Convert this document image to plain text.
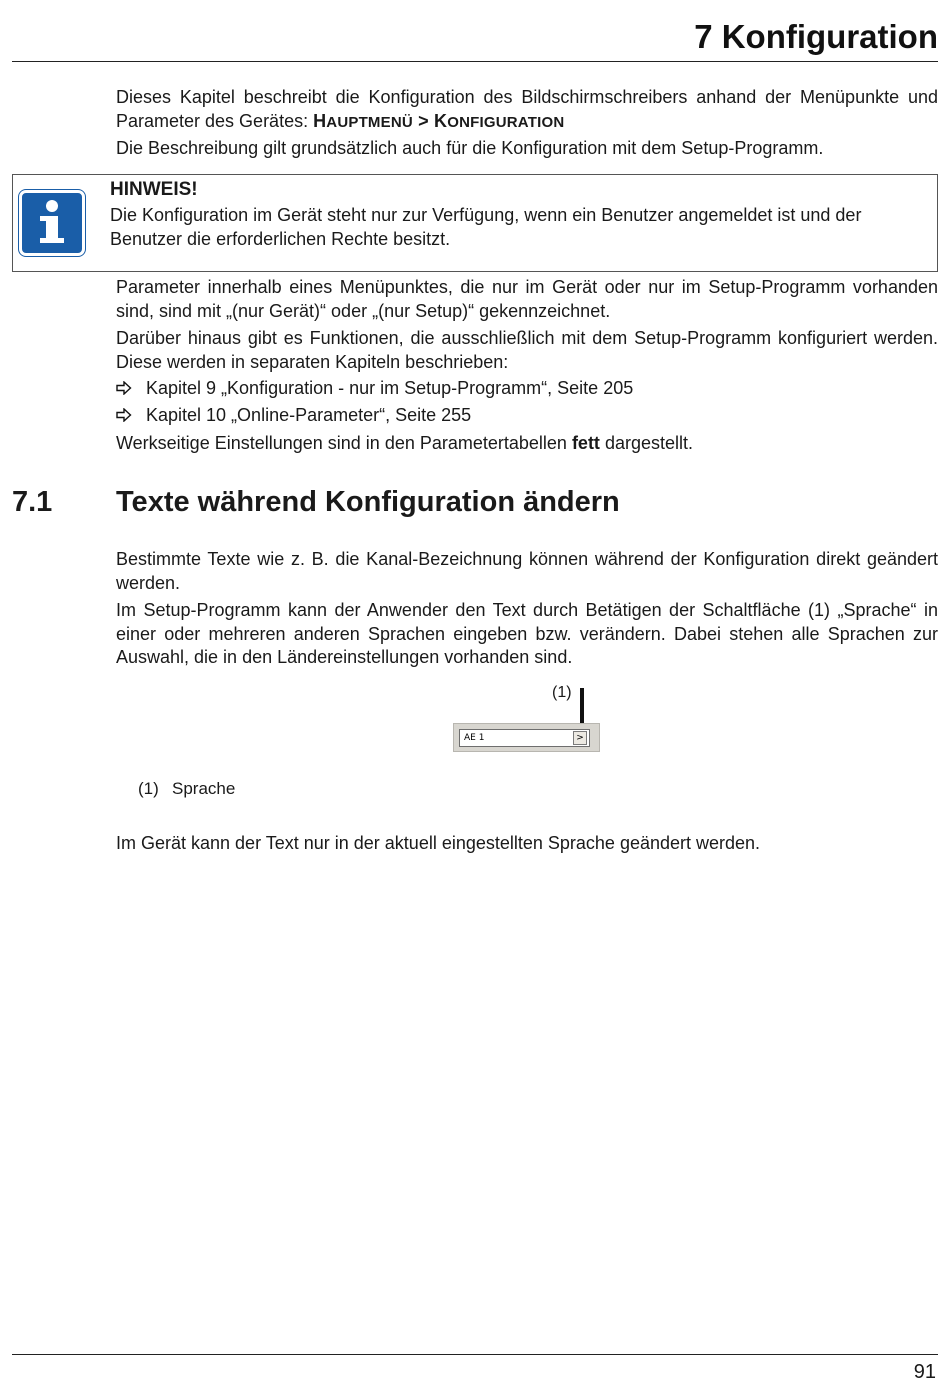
7 Konfiguration

Dieses Kapitel beschreibt die Konfiguration des Bildschirmschreibers anhand der Menüpunkte und Parameter des Gerätes: HAUPTMENÜ > KONFIGURATION

Die Beschreibung gilt grundsätzlich auch für die Konfiguration mit dem Setup-Programm.

HINWEIS!
Die Konfiguration im Gerät steht nur zur Verfügung, wenn ein Benutzer angemeldet ist und der Benutzer die erforderlichen Rechte besitzt.

Parameter innerhalb eines Menüpunktes, die nur im Gerät oder nur im Setup-Programm vorhanden sind, sind mit „(nur Gerät)“ oder „(nur Setup)“ gekennzeichnet.

Darüber hinaus gibt es Funktionen, die ausschließlich mit dem Setup-Programm konfiguriert werden. Diese werden in separaten Kapiteln beschrieben:

Kapitel 9 „Konfiguration - nur im Setup-Programm“, Seite 205
Kapitel 10 „Online-Parameter“, Seite 255

Werkseitige Einstellungen sind in den Parametertabellen fett dargestellt.

7.1 Texte während Konfiguration ändern

Bestimmte Texte wie z. B. die Kanal-Bezeichnung können während der Konfiguration direkt geändert werden.

Im Setup-Programm kann der Anwender den Text durch Betätigen der Schaltfläche (1) „Sprache“ in einer oder mehreren anderen Sprachen eingeben bzw. verändern. Dabei stehen alle Sprachen zur Auswahl, die in den Ländereinstellungen vorhanden sind.

(1)
AE 1	>
(1) Sprache

Im Gerät kann der Text nur in der aktuell eingestellten Sprache geändert werden.

91
